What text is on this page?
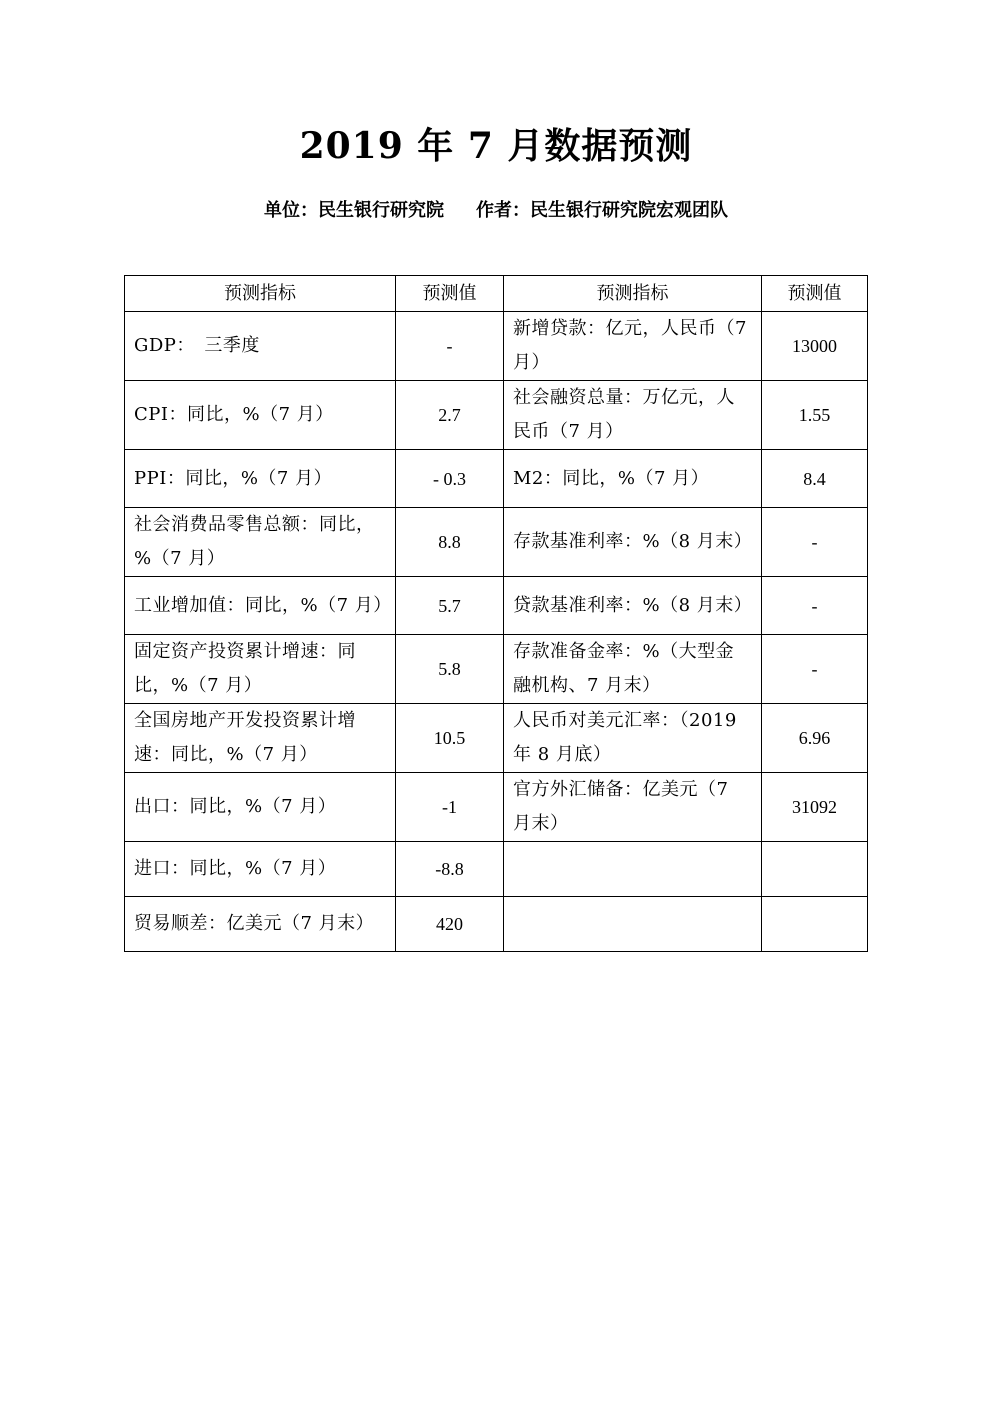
2019 年 7 月数据预测
单位：民生银行研究院 作者：民生银行研究院宏观团队
预测指标	预测值	预测指标	预测值
GDP：　三季度	-	新增贷款：亿元，人民币（7 月）	13000
CPI：同比，%（7 月）	2.7	社会融资总量：万亿元，人民币（7 月）	1.55
PPI：同比，%（7 月）	- 0.3	M2：同比，%（7 月）	8.4
社会消费品零售总额：同比，%（7 月）	8.8	存款基准利率：%（8 月末）	-
工业增加值：同比，%（7 月）	5.7	贷款基准利率：%（8 月末）	-
固定资产投资累计增速：同比，%（7 月）	5.8	存款准备金率：%（大型金融机构、7 月末）	-
全国房地产开发投资累计增速：同比，%（7 月）	10.5	人民币对美元汇率：（2019 年 8 月底）	6.96
出口：同比，%（7 月）	-1	官方外汇储备：亿美元（7 月末）	31092
进口：同比，%（7 月）	-8.8		
贸易顺差：亿美元（7 月末）	420		
